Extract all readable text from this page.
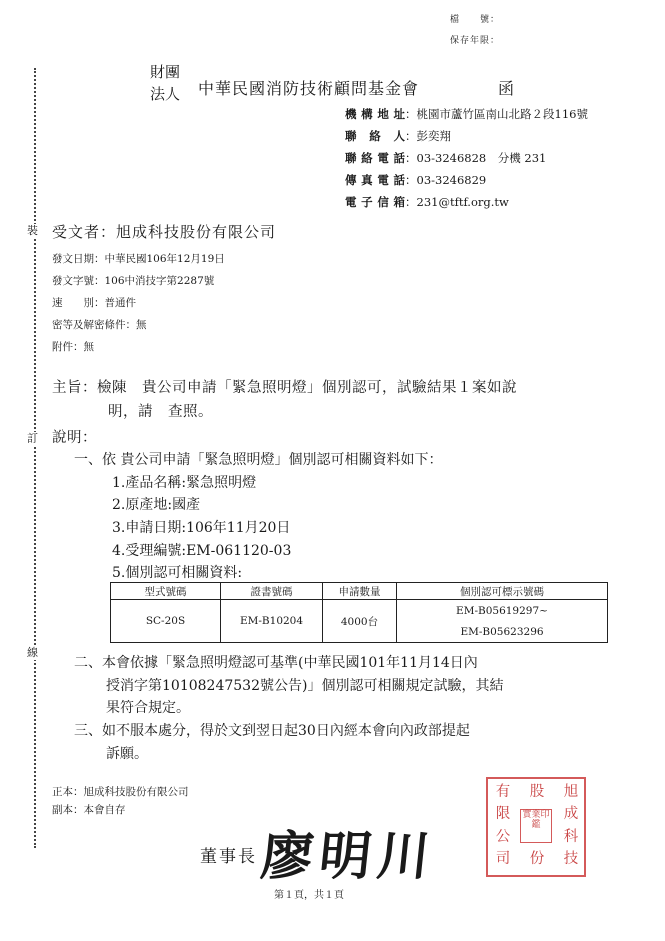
檔　　號：
保存年限：
裝
訂
線
財團
法人 中華民國消防技術顧問基金會	函
機構地址：桃園市蘆竹區南山北路２段116號
聯絡人：彭奕翔
聯絡電話：03-3246828　分機 231
傳真電話：03-3246829
電子信箱：231@tftf.org.tw
受文者：旭成科技股份有限公司
發文日期：中華民國106年12月19日
發文字號：106中消技字第2287號
速　　別：普通件
密等及解密條件：無
附件：無
主旨：檢陳　貴公司申請「緊急照明燈」個別認可，試驗結果１案如說
明，請　查照。
說明：
一、依 貴公司申請「緊急照明燈」個別認可相關資料如下：
1.產品名稱:緊急照明燈
2.原產地:國產
3.申請日期:106年11月20日
4.受理編號:EM-061120-03
5.個別認可相關資料:
型式號碼	證書號碼	申請數量	個別認可標示號碼
SC-20S	EM-B10204	4000台	EM-B05619297~
			EM-B05623296
二、本會依據「緊急照明燈認可基準(中華民國101年11月14日內
授消字第10108247532號公告)」個別認可相關規定試驗，其結
果符合規定。
三、如不服本處分，得於文到翌日起30日內經本會向內政部提起
訴願。
正本：旭成科技股份有限公司
副本：本會自存
旭
股
有
成
限
科
公
份 技
司
實業印鑑
董事長 廖明川
第１頁，共１頁
